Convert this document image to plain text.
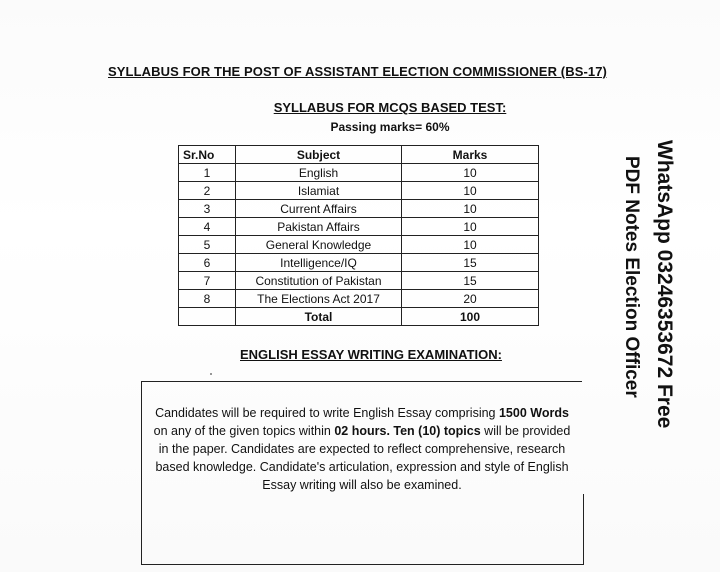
SYLLABUS FOR THE POST OF ASSISTANT ELECTION COMMISSIONER (BS-17)
SYLLABUS FOR MCQS BASED TEST:
Passing marks= 60%
Sr.No	Subject	Marks
1	English	10
2	Islamiat	10
3	Current Affairs	10
4	Pakistan Affairs	10
5	General Knowledge	10
6	Intelligence/IQ	15
7	Constitution of Pakistan	15
8	The Elections Act 2017	20
	Total	100
ENGLISH ESSAY WRITING EXAMINATION:
Candidates will be required to write English Essay comprising 1500 Words on any of the given topics within 02 hours. Ten (10) topics will be provided in the paper. Candidates are expected to reflect comprehensive, research based knowledge. Candidate's articulation, expression and style of English Essay writing will also be examined.
WhatsApp 03246353672 Free
PDF Notes Election Officer
